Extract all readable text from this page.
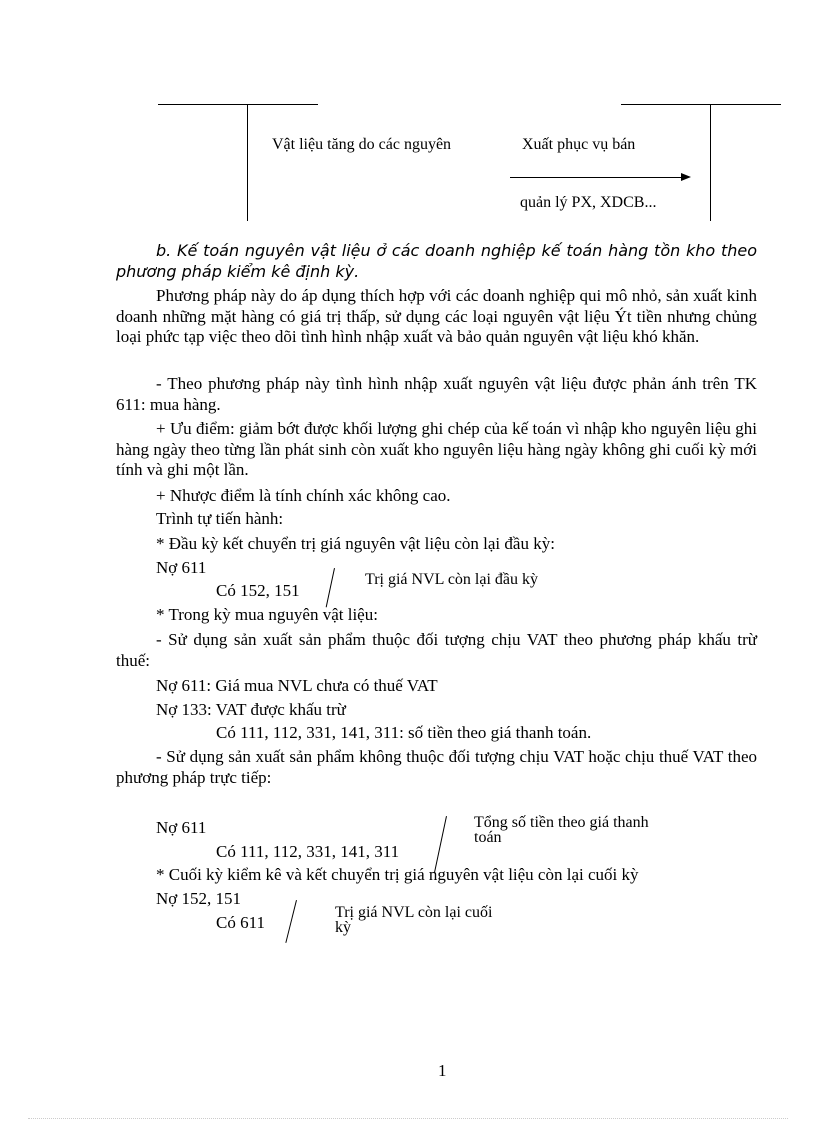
Vật liệu tăng do các nguyên	Xuất phục vụ bán
quản lý PX, XDCB...
b. Kế toán nguyên vật liệu ở các doanh nghiệp kế toán hàng tồn kho theo phương pháp kiểm kê định kỳ.
Phương pháp này do áp dụng thích hợp với các doanh nghiệp qui mô nhỏ, sản xuất kinh doanh những mặt hàng có giá trị thấp, sử dụng các loại nguyên vật liệu Ýt tiền nhưng chủng loại phức tạp việc theo dõi tình hình nhập xuất và bảo quản nguyên vật liệu khó khăn.
- Theo phương pháp này tình hình nhập xuất nguyên vật liệu được phản ánh trên TK 611: mua hàng.
+ Ưu điểm: giảm bớt được khối lượng ghi chép của kế toán vì nhập kho nguyên liệu ghi hàng ngày theo từng lần phát sinh còn xuất kho nguyên liệu hàng ngày không ghi cuối kỳ mới tính và ghi một lần.
+ Nhược điểm là tính chính xác không cao.
Trình tự tiến hành:
* Đầu kỳ kết chuyển trị giá nguyên vật liệu còn lại đầu kỳ:
Nợ 611
Có 152, 151
Trị giá NVL còn lại đầu kỳ
* Trong kỳ mua nguyên vật liệu:
- Sử dụng sản xuất sản phẩm thuộc đối tượng chịu VAT theo phương pháp khấu trừ thuế:
Nợ 611: Giá mua NVL chưa có thuế VAT
Nợ 133: VAT được khấu trừ
Có 111, 112, 331, 141, 311: số tiền theo giá thanh toán.
- Sử dụng sản xuất sản phẩm không thuộc đối tượng chịu VAT hoặc chịu thuế VAT theo phương pháp trực tiếp:
Nợ 611
Có 111, 112, 331, 141, 311
Tổng số tiền theo giá thanh toán
* Cuối kỳ kiểm kê và kết chuyển trị giá nguyên vật liệu còn lại cuối kỳ
Nợ 152, 151
Có 611
Trị giá NVL còn lại cuối kỳ
1
